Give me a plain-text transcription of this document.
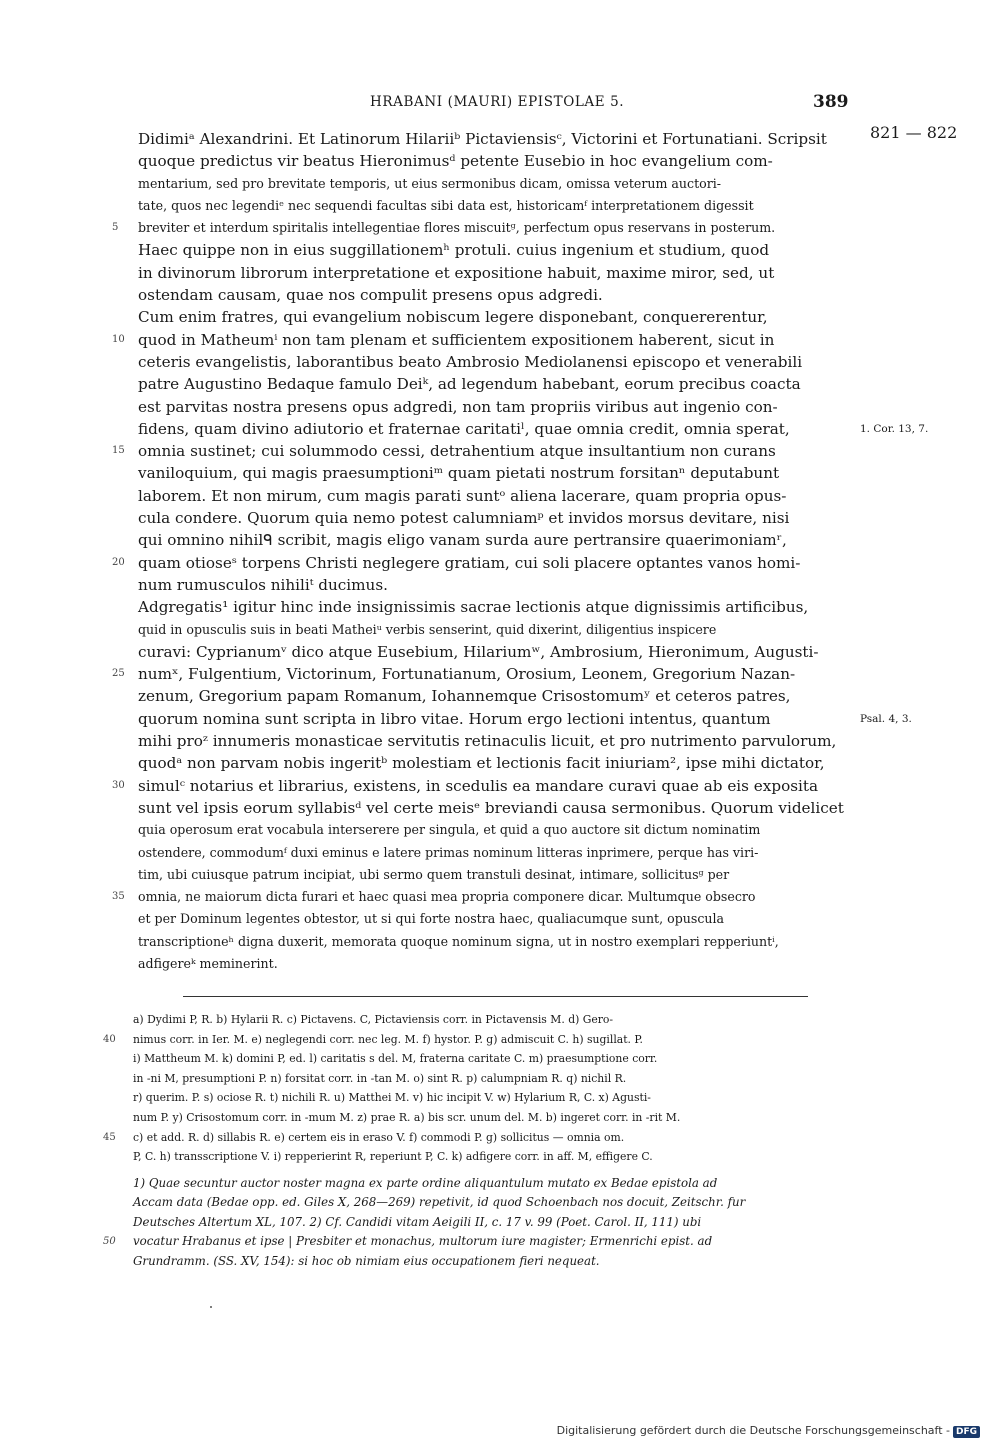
HRABANI (MAURI) EPISTOLAE 5.	389
Didimiᵃ Alexandrini. Et Latinorum Hilariiᵇ Pictaviensisᶜ, Victorini et Fortunatiani. Scripsit	821 — 822
quoque predictus vir beatus Hieronimusᵈ petente Eusebio in hoc evangelium com-
mentarium, sed pro brevitate temporis, ut eius sermonibus dicam, omissa veterum auctori-
tate, quos nec legendiᵉ nec sequendi facultas sibi data est, historicamᶠ interpretationem digessit
5 breviter et interdum spiritalis intellegentiae flores miscuitᵍ, perfectum opus reservans in posterum.
Haec quippe non in eius suggillationemʰ protuli. cuius ingenium et studium, quod
in divinorum librorum interpretatione et expositione habuit, maxime miror, sed, ut
ostendam causam, quae nos compulit presens opus adgredi.
Cum enim fratres, qui evangelium nobiscum legere disponebant, conquererentur,
10 quod in Matheumⁱ non tam plenam et sufficientem expositionem haberent, sicut in
ceteris evangelistis, laborantibus beato Ambrosio Mediolanensi episcopo et venerabili
patre Augustino Bedaque famulo Deiᵏ, ad legendum habebant, eorum precibus coacta
est parvitas nostra presens opus adgredi, non tam propriis viribus aut ingenio con-
fidens, quam divino adiutorio et fraternae caritatiˡ, quae omnia credit, omnia sperat,	1. Cor. 13, 7.
15 omnia sustinet; cui solummodo cessi, detrahentium atque insultantium non curans
vaniloquium, qui magis praesumptioniᵐ quam pietati nostrum forsitanⁿ deputabunt
laborem. Et non mirum, cum magis parati suntᵒ aliena lacerare, quam propria opus-
cula condere. Quorum quia nemo potest calumniamᵖ et invidos morsus devitare, nisi
qui omnino nihilᑫ scribit, magis eligo vanam surda aure pertransire quaerimoniamʳ,
20 quam otioseˢ torpens Christi neglegere gratiam, cui soli placere optantes vanos homi-
num rumusculos nihiliᵗ ducimus.
Adgregatis¹ igitur hinc inde insignissimis sacrae lectionis atque dignissimis artificibus,
quid in opusculis suis in beati Matheiᵘ verbis senserint, quid dixerint, diligentius inspicere
curavi: Cyprianumᵛ dico atque Eusebium, Hilariumʷ, Ambrosium, Hieronimum, Augusti-
25 numˣ, Fulgentium, Victorinum, Fortunatianum, Orosium, Leonem, Gregorium Nazan-
zenum, Gregorium papam Romanum, Iohannemque Crisostomumʸ et ceteros patres,
quorum nomina sunt scripta in libro vitae. Horum ergo lectioni intentus, quantum	Psal. 4, 3.
mihi proᶻ innumeris monasticae servitutis retinaculis licuit, et pro nutrimento parvulorum,
quodᵃ non parvam nobis ingeritᵇ molestiam et lectionis facit iniuriam², ipse mihi dictator,
30 simulᶜ notarius et librarius, existens, in scedulis ea mandare curavi quae ab eis exposita
sunt vel ipsis eorum syllabisᵈ vel certe meisᵉ breviandi causa sermonibus. Quorum videlicet
quia operosum erat vocabula interserere per singula, et quid a quo auctore sit dictum nominatim
ostendere, commodumᶠ duxi eminus e latere primas nominum litteras inprimere, perque has viri-
tim, ubi cuiusque patrum incipiat, ubi sermo quem transtuli desinat, intimare, sollicitusᵍ per
35 omnia, ne maiorum dicta furari et haec quasi mea propria componere dicar. Multumque obsecro
et per Dominum legentes obtestor, ut si qui forte nostra haec, qualiacumque sunt, opuscula
transcriptioneʰ digna duxerit, memorata quoque nominum signa, ut in nostro exemplari repperiuntⁱ,
adfigereᵏ meminerint.
a) Dydimi P, R. b) Hylarii R. c) Pictavens. C, Pictaviensis corr. in Pictavensis M. d) Gero-
40 nimus corr. in Ier. M. e) neglegendi corr. nec leg. M. f) hystor. P. g) admiscuit C. h) sugillat. P.
i) Mattheum M. k) domini P, ed. l) caritatis s del. M, fraterna caritate C. m) praesumptione corr.
in -ni M, presumptioni P. n) forsitat corr. in -tan M. o) sint R. p) calumpniam R. q) nichil R.
r) querim. P. s) ociose R. t) nichili R. u) Matthei M. v) hic incipit V. w) Hylarium R, C. x) Agusti-
num P. y) Crisostomum corr. in -mum M. z) prae R. a) bis scr. unum del. M. b) ingeret corr. in -rit M.
45 c) et add. R. d) sillabis R. e) certem eis in eraso V. f) commodi P. g) sollicitus — omnia om.
P, C. h) transscriptione V. i) repperierint R, reperiunt P, C. k) adfigere corr. in aff. M, effigere C.
1) Quae secuntur auctor noster magna ex parte ordine aliquantulum mutato ex Bedae epistola ad
Accam data (Bedae opp. ed. Giles X, 268—269) repetivit, id quod Schoenbach nos docuit, Zeitschr. fur
Deutsches Altertum XL, 107. 2) Cf. Candidi vitam Aeigili II, c. 17 v. 99 (Poet. Carol. II, 111) ubi
50 vocatur Hrabanus et ipse | Presbiter et monachus, multorum iure magister; Ermenrichi epist. ad
Grundramm. (SS. XV, 154): si hoc ob nimiam eius occupationem fieri nequeat.
Digitalisierung gefördert durch die Deutsche Forschungsgemeinschaft - DFG
